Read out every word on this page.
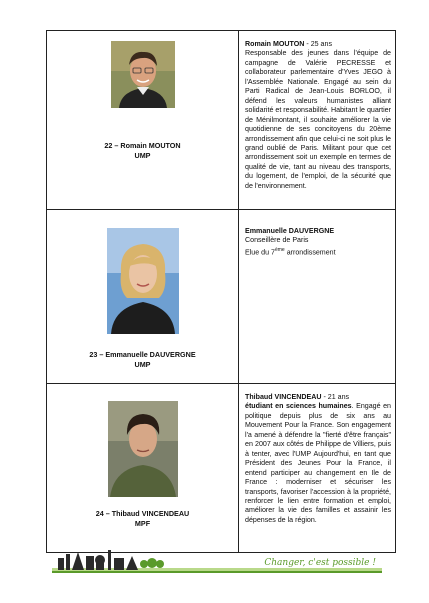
22 – Romain MOUTON
UMP
Romain MOUTON - 25 ans
Responsable des jeunes dans l'équipe de campagne de Valérie PECRESSE et collaborateur parlementaire d'Yves JEGO à l'Assemblée Nationale. Engagé au sein du Parti Radical de Jean-Louis BORLOO, il défend les valeurs humanistes alliant solidarité et responsabilité. Habitant le quartier de Ménilmontant, il souhaite améliorer la vie quotidienne de ses concitoyens du 20ème arrondissement afin que celui-ci ne soit plus le grand oublié de Paris. Militant pour que cet arrondissement soit un exemple en termes de qualité de vie, tant au niveau des transports, du logement, de l'emploi, de la sécurité que de l'environnement.
23 – Emmanuelle DAUVERGNE
UMP
Emmanuelle DAUVERGNE
Conseillère de Paris
Elue du 7ème arrondissement
24 – Thibaud VINCENDEAU
MPF
Thibaud VINCENDEAU - 21 ans
étudiant en sciences humaines. Engagé en politique depuis plus de six ans au Mouvement Pour la France. Son engagement l'a amené à défendre la "fierté d'être français" en 2007 aux côtés de Philippe de Villiers, puis à tenter, avec l'UMP Aujourd'hui, en tant que Président des Jeunes Pour la France, il entend participer au changement en Ile de France : moderniser et sécuriser les transports, favoriser l'accession à la propriété, renforcer le lien entre formation et emploi, améliorer la vie des familles et assainir les dépenses de la région.
Changer, c'est possible !
